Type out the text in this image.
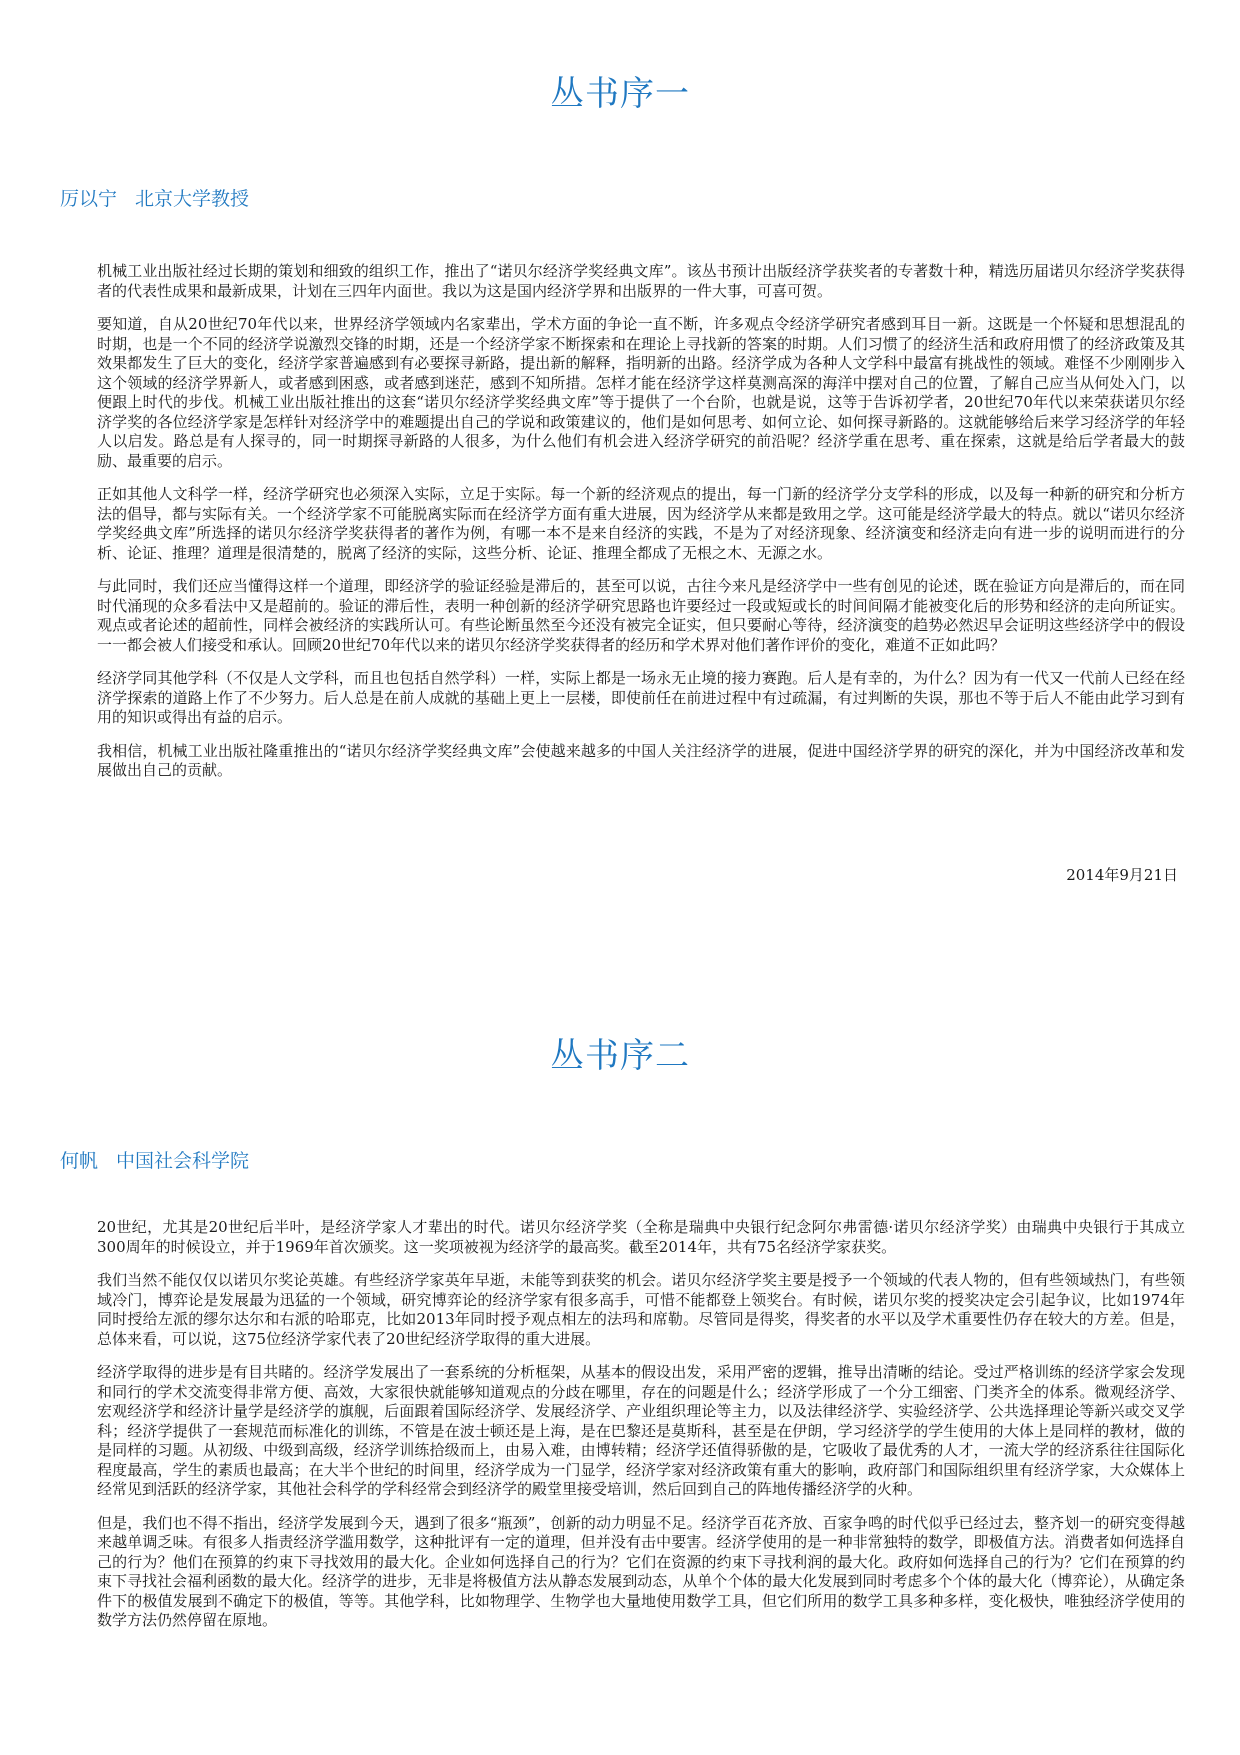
丛书序一
厉以宁 北京大学教授

机械工业出版社经过长期的策划和细致的组织工作，推出了“诺贝尔经济学奖经典文库”。该丛书预计出版经济学获奖者的专著数十种，精选历届诺贝尔经济学奖获得者的代表性成果和最新成果，计划在三四年内面世。我以为这是国内经济学界和出版界的一件大事，可喜可贺。

要知道，自从20世纪70年代以来，世界经济学领域内名家辈出，学术方面的争论一直不断，许多观点令经济学研究者感到耳目一新。这既是一个怀疑和思想混乱的时期，也是一个不同的经济学说激烈交锋的时期，还是一个经济学家不断探索和在理论上寻找新的答案的时期。人们习惯了的经济生活和政府用惯了的经济政策及其效果都发生了巨大的变化，经济学家普遍感到有必要探寻新路，提出新的解释，指明新的出路。经济学成为各种人文学科中最富有挑战性的领域。难怪不少刚刚步入这个领域的经济学界新人，或者感到困惑，或者感到迷茫，感到不知所措。怎样才能在经济学这样莫测高深的海洋中摆对自己的位置，了解自己应当从何处入门，以便跟上时代的步伐。机械工业出版社推出的这套“诺贝尔经济学奖经典文库”等于提供了一个台阶，也就是说，这等于告诉初学者，20世纪70年代以来荣获诺贝尔经济学奖的各位经济学家是怎样针对经济学中的难题提出自己的学说和政策建议的，他们是如何思考、如何立论、如何探寻新路的。这就能够给后来学习经济学的年轻人以启发。路总是有人探寻的，同一时期探寻新路的人很多，为什么他们有机会进入经济学研究的前沿呢？经济学重在思考、重在探索，这就是给后学者最大的鼓励、最重要的启示。

正如其他人文科学一样，经济学研究也必须深入实际，立足于实际。每一个新的经济观点的提出，每一门新的经济学分支学科的形成，以及每一种新的研究和分析方法的倡导，都与实际有关。一个经济学家不可能脱离实际而在经济学方面有重大进展，因为经济学从来都是致用之学。这可能是经济学最大的特点。就以“诺贝尔经济学奖经典文库”所选择的诺贝尔经济学奖获得者的著作为例，有哪一本不是来自经济的实践，不是为了对经济现象、经济演变和经济走向有进一步的说明而进行的分析、论证、推理？道理是很清楚的，脱离了经济的实际，这些分析、论证、推理全都成了无根之木、无源之水。

与此同时，我们还应当懂得这样一个道理，即经济学的验证经验是滞后的，甚至可以说，古往今来凡是经济学中一些有创见的论述，既在验证方向是滞后的，而在同时代涌现的众多看法中又是超前的。验证的滞后性，表明一种创新的经济学研究思路也许要经过一段或短或长的时间间隔才能被变化后的形势和经济的走向所证实。观点或者论述的超前性，同样会被经济的实践所认可。有些论断虽然至今还没有被完全证实，但只要耐心等待，经济演变的趋势必然迟早会证明这些经济学中的假设一一都会被人们接受和承认。回顾20世纪70年代以来的诺贝尔经济学奖获得者的经历和学术界对他们著作评价的变化，难道不正如此吗？

经济学同其他学科（不仅是人文学科，而且也包括自然学科）一样，实际上都是一场永无止境的接力赛跑。后人是有幸的，为什么？因为有一代又一代前人已经在经济学探索的道路上作了不少努力。后人总是在前人成就的基础上更上一层楼，即使前任在前进过程中有过疏漏，有过判断的失误，那也不等于后人不能由此学习到有用的知识或得出有益的启示。

我相信，机械工业出版社隆重推出的“诺贝尔经济学奖经典文库”会使越来越多的中国人关注经济学的进展，促进中国经济学界的研究的深化，并为中国经济改革和发展做出自己的贡献。

2014年9月21日
丛书序二
何帆 中国社会科学院

20世纪，尤其是20世纪后半叶，是经济学家人才辈出的时代。诺贝尔经济学奖（全称是瑞典中央银行纪念阿尔弗雷德·诺贝尔经济学奖）由瑞典中央银行于其成立300周年的时候设立，并于1969年首次颁奖。这一奖项被视为经济学的最高奖。截至2014年，共有75名经济学家获奖。

我们当然不能仅仅以诺贝尔奖论英雄。有些经济学家英年早逝，未能等到获奖的机会。诺贝尔经济学奖主要是授予一个领域的代表人物的，但有些领域热门，有些领域冷门，博弈论是发展最为迅猛的一个领域，研究博弈论的经济学家有很多高手，可惜不能都登上领奖台。有时候，诺贝尔奖的授奖决定会引起争议，比如1974年同时授给左派的缪尔达尔和右派的哈耶克，比如2013年同时授予观点相左的法玛和席勒。尽管同是得奖，得奖者的水平以及学术重要性仍存在较大的方差。但是，总体来看，可以说，这75位经济学家代表了20世纪经济学取得的重大进展。

经济学取得的进步是有目共睹的。经济学发展出了一套系统的分析框架，从基本的假设出发，采用严密的逻辑，推导出清晰的结论。受过严格训练的经济学家会发现和同行的学术交流变得非常方便、高效，大家很快就能够知道观点的分歧在哪里，存在的问题是什么；经济学形成了一个分工细密、门类齐全的体系。微观经济学、宏观经济学和经济计量学是经济学的旗舰，后面跟着国际经济学、发展经济学、产业组织理论等主力，以及法律经济学、实验经济学、公共选择理论等新兴或交叉学科；经济学提供了一套规范而标准化的训练，不管是在波士顿还是上海，是在巴黎还是莫斯科，甚至是在伊朗，学习经济学的学生使用的大体上是同样的教材，做的是同样的习题。从初级、中级到高级，经济学训练拾级而上，由易入难，由博转精；经济学还值得骄傲的是，它吸收了最优秀的人才，一流大学的经济系往往国际化程度最高，学生的素质也最高；在大半个世纪的时间里，经济学成为一门显学，经济学家对经济政策有重大的影响，政府部门和国际组织里有经济学家，大众媒体上经常见到活跃的经济学家，其他社会科学的学科经常会到经济学的殿堂里接受培训，然后回到自己的阵地传播经济学的火种。

但是，我们也不得不指出，经济学发展到今天，遇到了很多“瓶颈”，创新的动力明显不足。经济学百花齐放、百家争鸣的时代似乎已经过去，整齐划一的研究变得越来越单调乏味。有很多人指责经济学滥用数学，这种批评有一定的道理，但并没有击中要害。经济学使用的是一种非常独特的数学，即极值方法。消费者如何选择自己的行为？他们在预算的约束下寻找效用的最大化。企业如何选择自己的行为？它们在资源的约束下寻找利润的最大化。政府如何选择自己的行为？它们在预算的约束下寻找社会福利函数的最大化。经济学的进步，无非是将极值方法从静态发展到动态，从单个个体的最大化发展到同时考虑多个个体的最大化（博弈论），从确定条件下的极值发展到不确定下的极值，等等。其他学科，比如物理学、生物学也大量地使用数学工具，但它们所用的数学工具多种多样，变化极快，唯独经济学使用的数学方法仍然停留在原地。
